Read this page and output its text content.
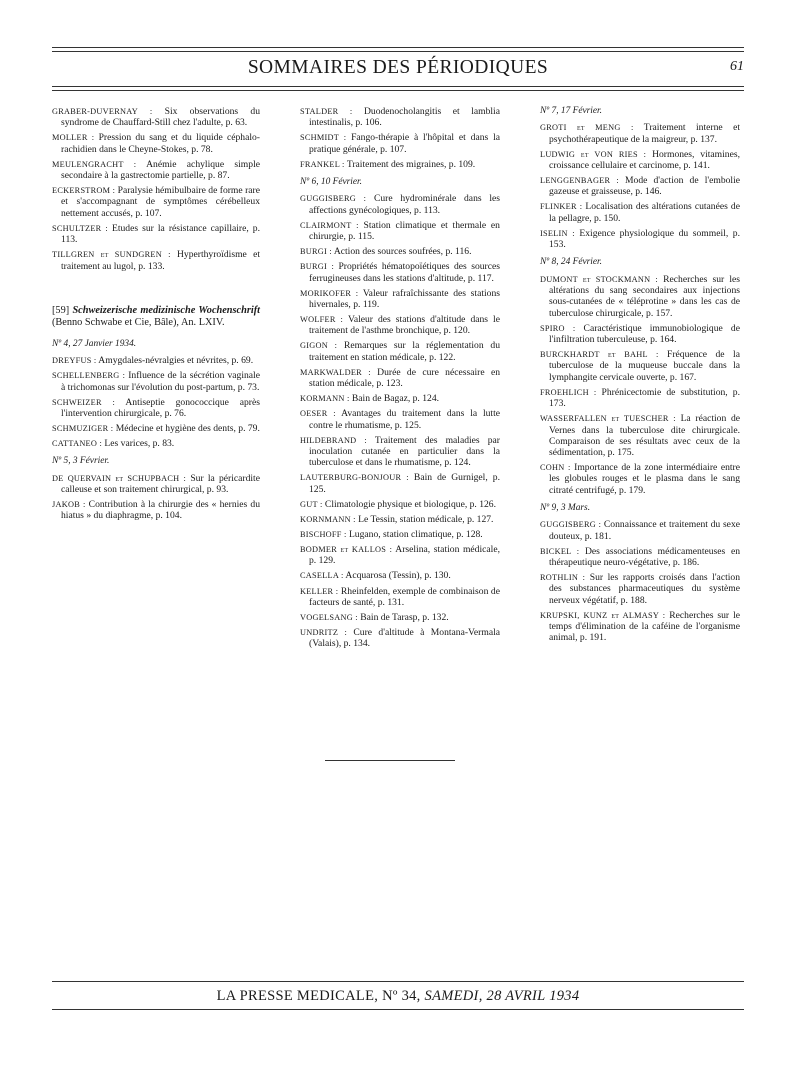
SOMMAIRES DES PÉRIODIQUES	61
GRABER-DUVERNAY : Six observations du syndrome de Chauffard-Still chez l'adulte, p. 63.
MOLLER : Pression du sang et du liquide céphalo-rachidien dans le Cheyne-Stokes, p. 78.
MEULENGRACHT : Anémie achylique simple secondaire à la gastrectomie partielle, p. 87.
ECKERSTROM : Paralysie hémibulbaire de forme rare et s'accompagnant de symptômes cérébelleux nettement accusés, p. 107.
SCHULTZER : Etudes sur la résistance capillaire, p. 113.
TILLGREN et SUNDGREN : Hyperthyroïdisme et traitement au lugol, p. 133.
[59] Schweizerische medizinische Wochenschrift (Benno Schwabe et Cie, Bâle), An. LXIV.
Nº 4, 27 Janvier 1934.
DREYFUS : Amygdales-névralgies et névrites, p. 69.
SCHELLENBERG : Influence de la sécrétion vaginale à trichomonas sur l'évolution du post-partum, p. 73.
SCHWEIZER : Antiseptie gonococcique après l'intervention chirurgicale, p. 76.
SCHMUZIGER : Médecine et hygiène des dents, p. 79.
CATTANEO : Les varices, p. 83.
Nº 5, 3 Février.
DE QUERVAIN et SCHUPBACH : Sur la péricardite calleuse et son traitement chirurgical, p. 93.
JAKOB : Contribution à la chirurgie des « hernies du hiatus » du diaphragme, p. 104.
STALDER : Duodenocholangitis et lamblia intestinalis, p. 106.
SCHMIDT : Fango-thérapie à l'hôpital et dans la pratique générale, p. 107.
FRANKEL : Traitement des migraines, p. 109.
Nº 6, 10 Février.
GUGGISBERG : Cure hydrominérale dans les affections gynécologiques, p. 113.
CLAIRMONT : Station climatique et thermale en chirurgie, p. 115.
BURGI : Action des sources soufrées, p. 116.
BURGI : Propriétés hématopoïétiques des sources ferrugineuses dans les stations d'altitude, p. 117.
MORIKOFER : Valeur rafraîchissante des stations hivernales, p. 119.
WOLFER : Valeur des stations d'altitude dans le traitement de l'asthme bronchique, p. 120.
GIGON : Remarques sur la réglementation du traitement en station médicale, p. 122.
MARKWALDER : Durée de cure nécessaire en station médicale, p. 123.
KORMANN : Bain de Bagaz, p. 124.
OESER : Avantages du traitement dans la lutte contre le rhumatisme, p. 125.
HILDEBRAND : Traitement des maladies par inoculation cutanée en particulier dans la tuberculose et dans le rhumatisme, p. 124.
LAUTERBURG-BONJOUR : Bain de Gurnigel, p. 125.
GUT : Climatologie physique et biologique, p. 126.
KORNMANN : Le Tessin, station médicale, p. 127.
BISCHOFF : Lugano, station climatique, p. 128.
BODMER et KALLOS : Arselina, station médicale, p. 129.
CASELLA : Acquarosa (Tessin), p. 130.
KELLER : Rheinfelden, exemple de combinaison de facteurs de santé, p. 131.
VOGELSANG : Bain de Tarasp, p. 132.
UNDRITZ : Cure d'altitude à Montana-Vermala (Valais), p. 134.
Nº 7, 17 Février.
GROTI et MENG : Traitement interne et psychothérapeutique de la maigreur, p. 137.
LUDWIG et VON RIES : Hormones, vitamines, croissance cellulaire et carcinome, p. 141.
LENGGENBAGER : Mode d'action de l'embolie gazeuse et graisseuse, p. 146.
FLINKER : Localisation des altérations cutanées de la pellagre, p. 150.
ISELIN : Exigence physiologique du sommeil, p. 153.
Nº 8, 24 Février.
DUMONT et STOCKMANN : Recherches sur les altérations du sang secondaires aux injections sous-cutanées de « téléprotine » dans les cas de tuberculose chirurgicale, p. 157.
SPIRO : Caractéristique immunobiologique de l'infiltration tuberculeuse, p. 164.
BURCKHARDT et BAHL : Fréquence de la tuberculose de la muqueuse buccale dans la lymphangite cervicale ouverte, p. 167.
FROEHLICH : Phrénicectomie de substitution, p. 173.
WASSERFALLEN et TUESCHER : La réaction de Vernes dans la tuberculose dite chirurgicale. Comparaison de ses résultats avec ceux de la sédimentation, p. 175.
COHN : Importance de la zone intermédiaire entre les globules rouges et le plasma dans le sang citraté centrifugé, p. 179.
Nº 9, 3 Mars.
GUGGISBERG : Connaissance et traitement du sexe douteux, p. 181.
BICKEL : Des associations médicamenteuses en thérapeutique neuro-végétative, p. 186.
ROTHLIN : Sur les rapports croisés dans l'action des substances pharmaceutiques du système nerveux végétatif, p. 188.
KRUPSKI, KUNZ et ALMASY : Recherches sur le temps d'élimination de la caféine de l'organisme animal, p. 191.
LA PRESSE MEDICALE, Nº 34, SAMEDI, 28 AVRIL 1934
